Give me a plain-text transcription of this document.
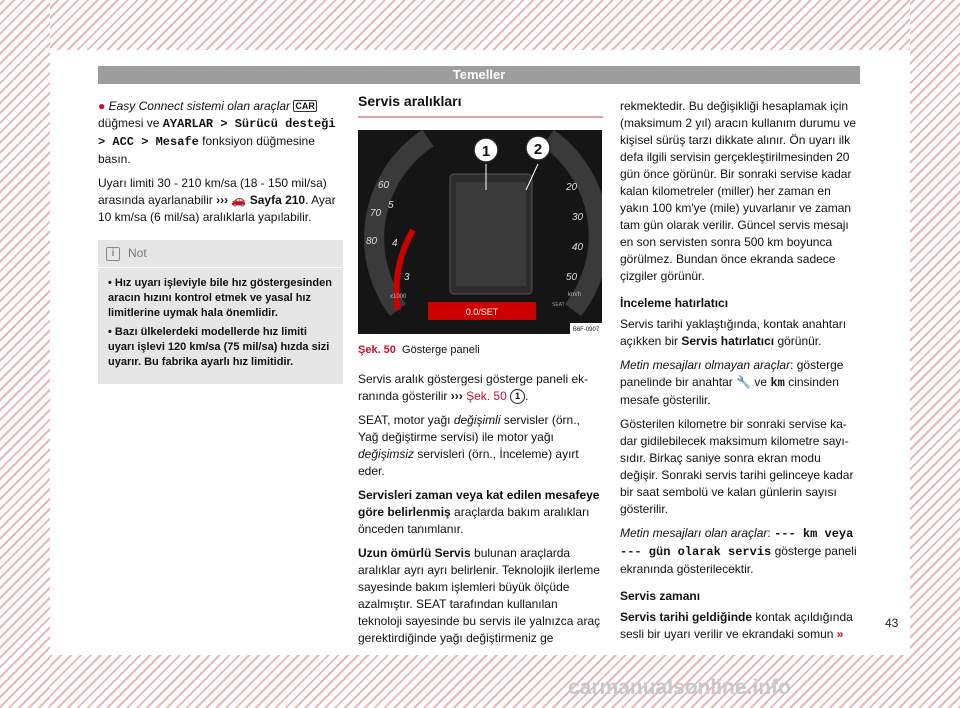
Temeller

● Easy Connect sistemi olan araçlar CAR düğmesi ve AYARLAR > Sürücü desteği > ACC > Mesafe fonksiyon düğmesine basın.

Uyarı limiti 30 - 210 km/sa (18 - 150 mil/sa) arasında ayarlanabilir ››› 🚗 Sayfa 210. Ayar 10 km/sa (6 mil/sa) aralıklarla yapılabilir.

i	Not
• Hız uyarı işleviyle bile hız göstergesinden aracın hızını kontrol etmek ve yasal hız limitlerine uymak hala önemlidir.
• Bazı ülkelerdeki modellerde hız limiti uyarı işlevi 120 km/sa (75 mil/sa) hızda sizi uyarır. Bu fabrika ayarlı hız limitidir.
Servis aralıkları
0.0/SET
60
70
80
3
4
5
x1000
20
30
40
50
km/h
SEAT
1	2
B6F-0907
Şek. 50 Gösterge paneli

Servis aralık göstergesi gösterge paneli ekranında gösterilir ››› Şek. 50 1 .

SEAT, motor yağı değişimli servisler (örn., Yağ değiştirme servisi) ile motor yağı değişimsiz servisleri (örn., İnceleme) ayırt eder.

Servisleri zaman veya kat edilen mesafeye göre belirlenmiş araçlarda bakım aralıkları önceden tanımlanır.

Uzun ömürlü Servis bulunan araçlarda aralıklar ayrı ayrı belirlenir. Teknolojik ilerleme sayesinde bakım işlemleri büyük ölçüde azalmıştır. SEAT tarafından kullanılan teknoloji sayesinde bu servis ile yalnızca araç gerektirdiğinde yağı değiştirmeniz ge

rekmektedir. Bu değişikliği hesaplamak için (maksimum 2 yıl) aracın kullanım durumu ve kişisel sürüş tarzı dikkate alınır. Ön uyarı ilk defa ilgili servisin gerçekleştirilmesinden 20 gün önce görünür. Bir sonraki servise kadar kalan kilometreler (miller) her zaman en yakın 100 km'ye (mile) yuvarlanır ve zaman tam gün olarak verilir. Güncel servis mesajı en son servisten sonra 500 km boyunca görülmez. Bundan önce ekranda sadece çizgiler görünür.

İnceleme hatırlatıcı

Servis tarihi yaklaştığında, kontak anahtarı açıkken bir Servis hatırlatıcı görünür.

Metin mesajları olmayan araçlar: gösterge panelinde bir anahtar 🔧 ve km cinsinden mesafe gösterilir.

Gösterilen kilometre bir sonraki servise kadar gidilebilecek maksimum kilometre sayısıdır. Birkaç saniye sonra ekran modu değişir. Sonraki servis tarihi gelinceye kadar bir saat sembolü ve kalan günlerin sayısı gösterilir.

Metin mesajları olan araçlar: --- km veya --- gün olarak servis gösterge paneli ekranında gösterilecektir.

Servis zamanı

Servis tarihi geldiğinde kontak açıldığında sesli bir uyarı verilir ve ekrandaki somun »

43
carmanualsonline.info
